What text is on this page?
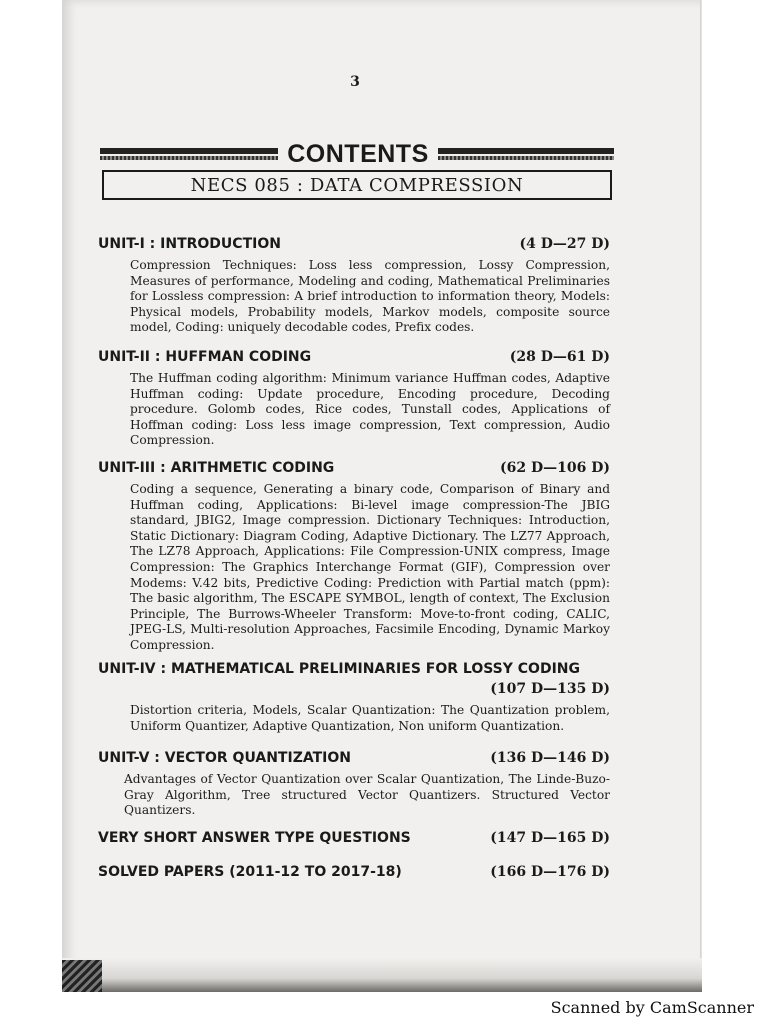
3
CONTENTS
NECS 085 : DATA COMPRESSION
UNIT-I : INTRODUCTION	(4 D—27 D)
Compression Techniques: Loss less compression, Lossy Compression, Measures of performance, Modeling and coding, Mathematical Preliminaries for Lossless compression: A brief introduction to information theory, Models: Physical models, Probability models, Markov models, composite source model, Coding: uniquely decodable codes, Prefix codes.
UNIT-II : HUFFMAN CODING	(28 D—61 D)
The Huffman coding algorithm: Minimum variance Huffman codes, Adaptive Huffman coding: Update procedure, Encoding procedure, Decoding procedure. Golomb codes, Rice codes, Tunstall codes, Applications of Hoffman coding: Loss less image compression, Text compression, Audio Compression.
UNIT-III : ARITHMETIC CODING	(62 D—106 D)
Coding a sequence, Generating a binary code, Comparison of Binary and Huffman coding, Applications: Bi-level image compression-The JBIG standard, JBIG2, Image compression. Dictionary Techniques: Introduction, Static Dictionary: Diagram Coding, Adaptive Dictionary. The LZ77 Approach, The LZ78 Approach, Applications: File Compression-UNIX compress, Image Compression: The Graphics Interchange Format (GIF), Compression over Modems: V.42 bits, Predictive Coding: Prediction with Partial match (ppm): The basic algorithm, The ESCAPE SYMBOL, length of context, The Exclusion Principle, The Burrows-Wheeler Transform: Move-to-front coding, CALIC, JPEG-LS, Multi-resolution Approaches, Facsimile Encoding, Dynamic Markoy Compression.
UNIT-IV : MATHEMATICAL PRELIMINARIES FOR LOSSY CODING
(107 D—135 D)
Distortion criteria, Models, Scalar Quantization: The Quantization problem, Uniform Quantizer, Adaptive Quantization, Non uniform Quantization.
UNIT-V : VECTOR QUANTIZATION	(136 D—146 D)
Advantages of Vector Quantization over Scalar Quantization, The Linde-Buzo-Gray Algorithm, Tree structured Vector Quantizers. Structured Vector Quantizers.
VERY SHORT ANSWER TYPE QUESTIONS	(147 D—165 D)
SOLVED PAPERS (2011-12 TO 2017-18)	(166 D—176 D)
Scanned by CamScanner
